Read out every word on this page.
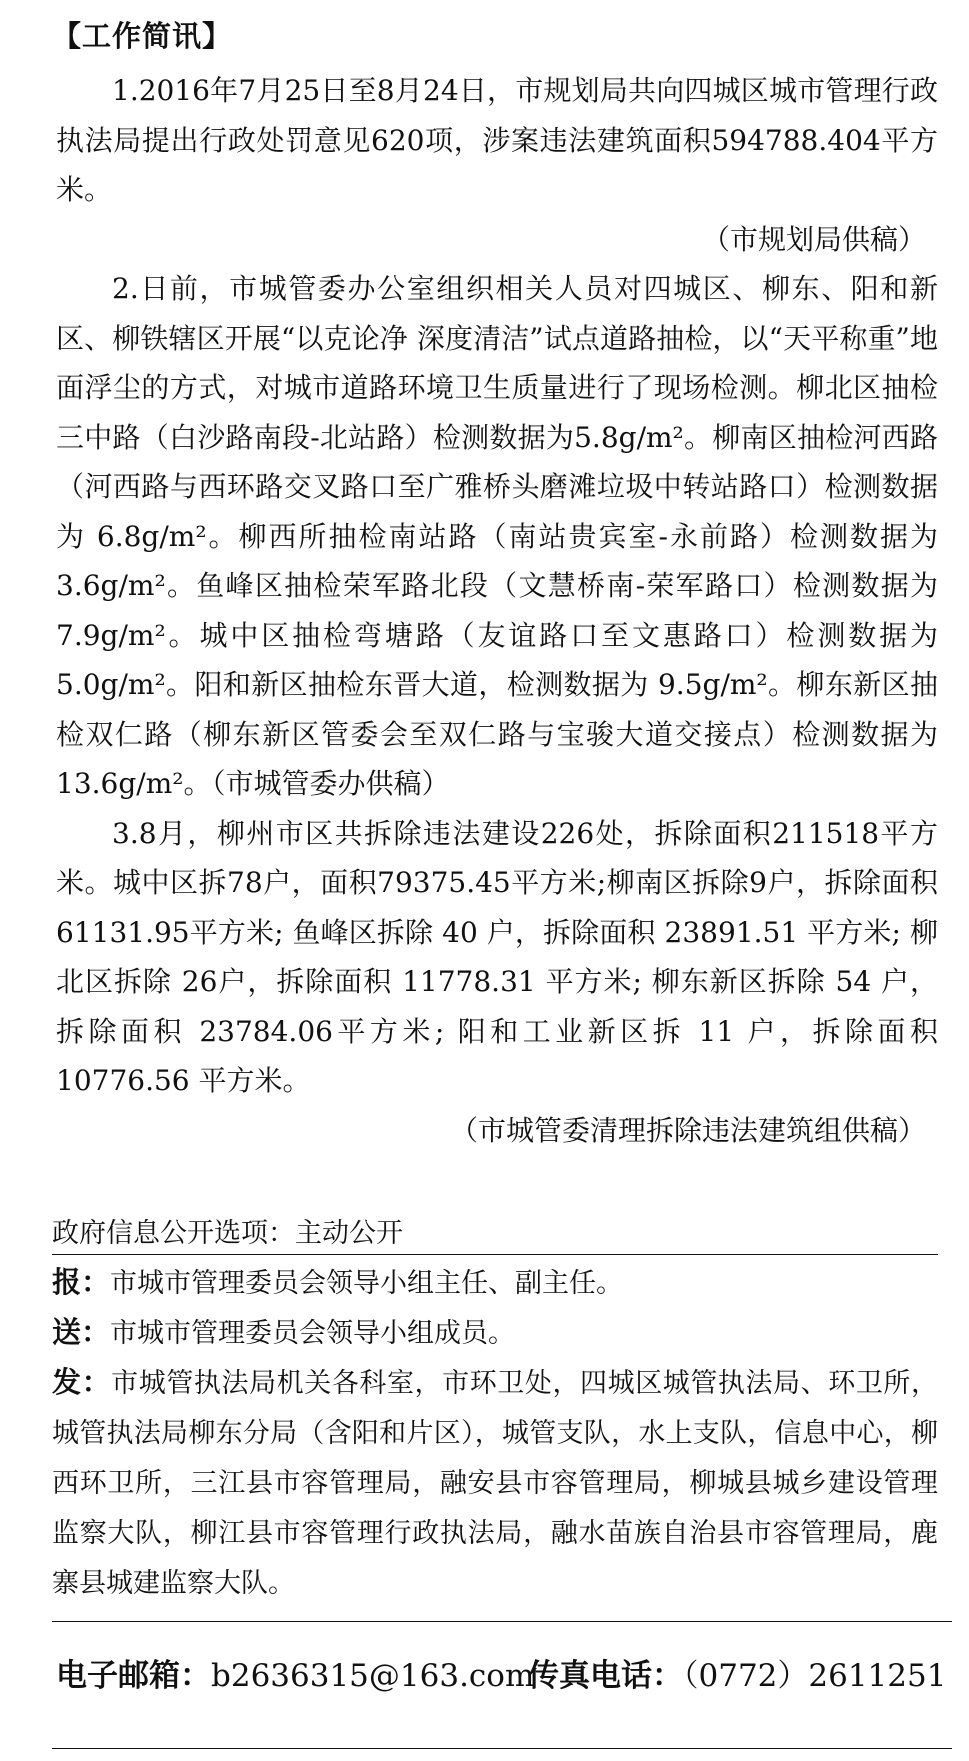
【工作简讯】

1.2016年7月25日至8月24日，市规划局共向四城区城市管理行政执法局提出行政处罚意见620项，涉案违法建筑面积594788.404平方米。

（市规划局供稿）

2.日前，市城管委办公室组织相关人员对四城区、柳东、阳和新区、柳铁辖区开展“以克论净 深度清洁”试点道路抽检，以“天平称重”地面浮尘的方式，对城市道路环境卫生质量进行了现场检测。柳北区抽检三中路（白沙路南段-北站路）检测数据为5.8g/m²。柳南区抽检河西路（河西路与西环路交叉路口至广雅桥头磨滩垃圾中转站路口）检测数据为 6.8g/m²。柳西所抽检南站路（南站贵宾室-永前路）检测数据为3.6g/m²。鱼峰区抽检荣军路北段（文慧桥南-荣军路口）检测数据为7.9g/m²。城中区抽检弯塘路（友谊路口至文惠路口）检测数据为 5.0g/m²。阳和新区抽检东晋大道，检测数据为 9.5g/m²。柳东新区抽检双仁路（柳东新区管委会至双仁路与宝骏大道交接点）检测数据为13.6g/m²。（市城管委办供稿）

3.8月，柳州市区共拆除违法建设226处，拆除面积211518平方米。城中区拆78户，面积79375.45平方米;柳南区拆除9户，拆除面积61131.95平方米; 鱼峰区拆除 40 户，拆除面积 23891.51 平方米; 柳北区拆除 26户，拆除面积 11778.31 平方米; 柳东新区拆除 54 户，拆除面积 23784.06平方米; 阳和工业新区拆 11 户，拆除面积 10776.56 平方米。

（市城管委清理拆除违法建筑组供稿）

政府信息公开选项：主动公开
报：市城市管理委员会领导小组主任、副主任。
送：市城市管理委员会领导小组成员。
发：市城管执法局机关各科室，市环卫处，四城区城管执法局、环卫所，城管执法局柳东分局（含阳和片区），城管支队，水上支队，信息中心，柳西环卫所，三江县市容管理局，融安县市容管理局，柳城县城乡建设管理监察大队，柳江县市容管理行政执法局，融水苗族自治县市容管理局，鹿寨县城建监察大队。
电子邮箱：b2636315@163.com
传真电话：（0772）2611251
